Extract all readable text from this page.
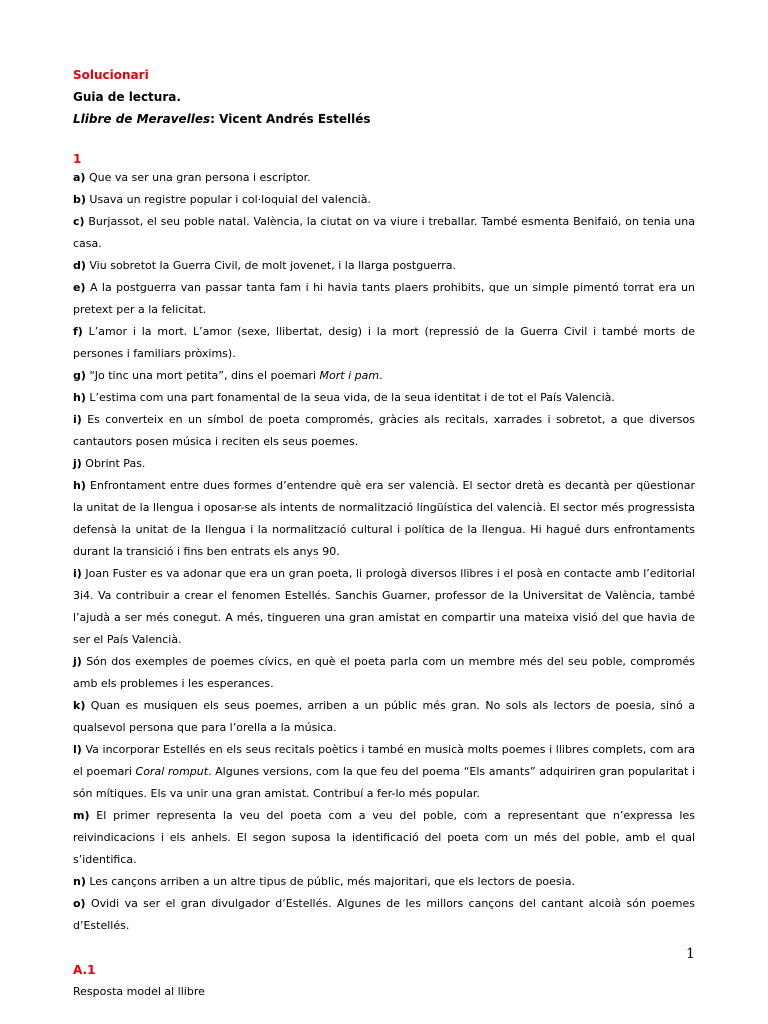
Solucionari

Guia de lectura.

Llibre de Meravelles: Vicent Andrés Estellés

1

a) Que va ser una gran persona i escriptor.

b) Usava un registre popular i col·loquial del valencià.

c) Burjassot, el seu poble natal. València, la ciutat on va viure i treballar. També esmenta Benifaió, on tenia una casa.

d) Viu sobretot la Guerra Civil, de molt jovenet, i la llarga postguerra.

e) A la postguerra van passar tanta fam i hi havia tants plaers prohibits, que un simple pimentó torrat era un pretext per a la felicitat.

f) L’amor i la mort. L’amor (sexe, llibertat, desig) i la mort (repressió de la Guerra Civil i també morts de persones i familiars pròxims).

g) “Jo tinc una mort petita”, dins el poemari Mort i pam.

h) L’estima com una part fonamental de la seua vida, de la seua identitat i de tot el País Valencià.

i) Es converteix en un símbol de poeta compromés, gràcies als recitals, xarrades i sobretot, a que diversos cantautors posen música i reciten els seus poemes.

j) Obrint Pas.

h) Enfrontament entre dues formes d’entendre què era ser valencià. El sector dretà es decantà per qüestionar la unitat de la llengua i oposar-se als intents de normalització lingüística del valencià. El sector més progressista defensà la unitat de la llengua i la normalització cultural i política de la llengua. Hi hagué durs enfrontaments durant la transició i fins ben entrats els anys 90.

i) Joan Fuster es va adonar que era un gran poeta, li prologà diversos llibres i el posà en contacte amb l’editorial 3i4. Va contribuir a crear el fenomen Estellés. Sanchis Guarner, professor de la Universitat de València, també l’ajudà a ser més conegut. A més, tingueren una gran amistat en compartir una mateixa visió del que havia de ser el País Valencià.

j) Són dos exemples de poemes cívics, en què el poeta parla com un membre més del seu poble, compromés amb els problemes i les esperances.

k) Quan es musiquen els seus poemes, arriben a un públic més gran. No sols als lectors de poesia, sinó a qualsevol persona que para l’orella a la música.

l) Va incorporar Estellés en els seus recitals poètics i també en musicà molts poemes i llibres complets, com ara el poemari Coral romput. Algunes versions, com la que feu del poema “Els amants” adquiriren gran popularitat i són mítiques. Els va unir una gran amistat. Contribuí a fer-lo més popular.

m) El primer representa la veu del poeta com a veu del poble, com a representant que n’expressa les reivindicacions i els anhels. El segon suposa la identificació del poeta com un més del poble, amb el qual s’identifica.

n) Les cançons arriben a un altre tipus de públic, més majoritari, que els lectors de poesia.

o) Ovidi va ser el gran divulgador d’Estellés. Algunes de les millors cançons del cantant alcoià són poemes d’Estellés.

A.1

Resposta model al llibre

1
